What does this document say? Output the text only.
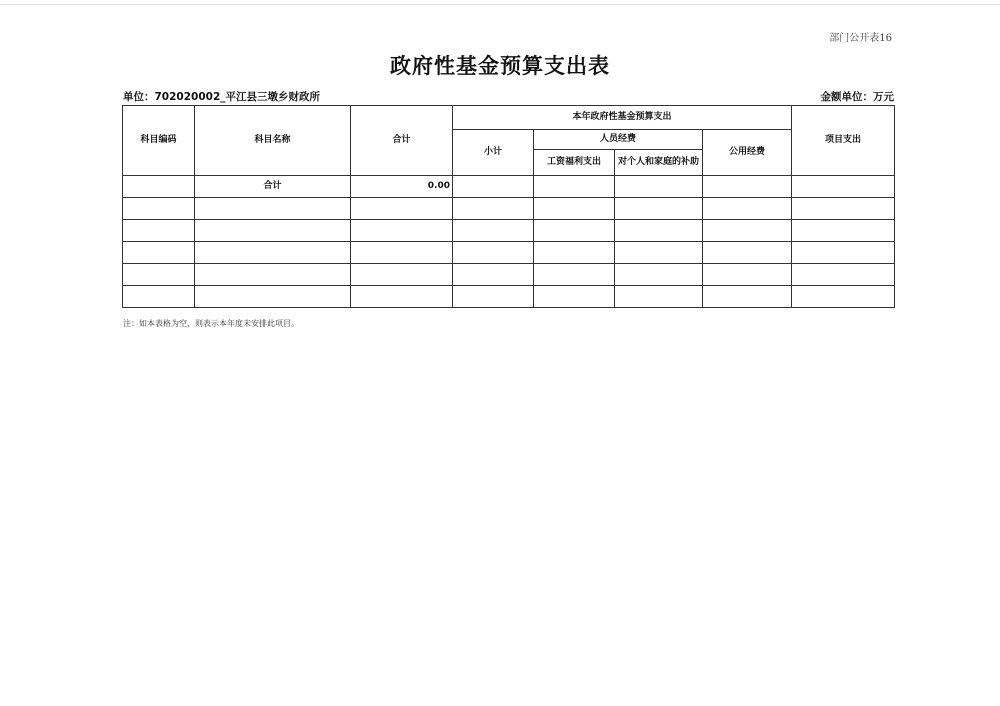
部门公开表16
政府性基金预算支出表
单位：702020002_平江县三墩乡财政所	金额单位：万元
科目编码	科目名称	合计	本年政府性基金预算支出				项目支出
			小计	人员经费		公用经费	
				工资福利支出	对个人和家庭的补助		
	合计	0.00					

注：如本表格为空，则表示本年度未安排此项目。
